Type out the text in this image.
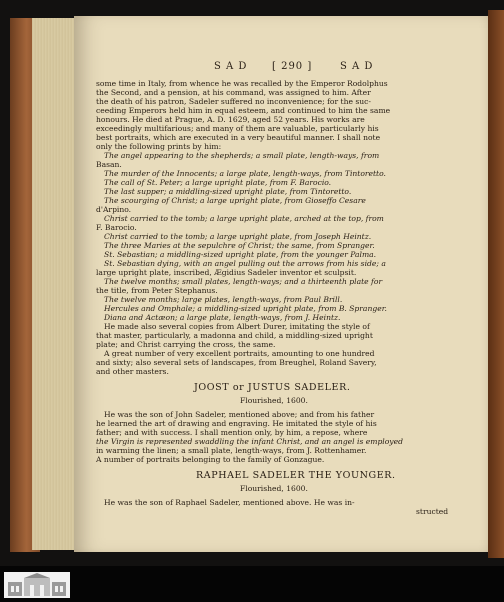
S A D [ 290 ]	S A D
some time in Italy, from whence he was recalled by the Emperor Rodolphus
the Second, and a pension, at his command, was assigned to him. After
the death of his patron, Sadeler suffered no inconvenience; for the suc-
ceeding Emperors held him in equal esteem, and continued to him the same
honours. He died at Prague, A. D. 1629, aged 52 years. His works are
exceedingly multifarious; and many of them are valuable, particularly his
best portraits, which are executed in a very beautiful manner. I shall note
only the following prints by him:
The angel appearing to the shepherds; a small plate, length-ways, from
Basan.
The murder of the Innocents; a large plate, length-ways, from Tintoretto.
The call of St. Peter; a large upright plate, from F. Barocio.
The last supper; a middling-sized upright plate, from Tintoretto.
The scourging of Christ; a large upright plate, from Gioseffo Cesare
d'Arpino.
Christ carried to the tomb; a large upright plate, arched at the top, from
F. Barocio.
Christ carried to the tomb; a large upright plate, from Joseph Heintz.
The three Maries at the sepulchre of Christ; the same, from Spranger.
St. Sebastian; a middling-sized upright plate, from the younger Palma.
St. Sebastian dying, with an angel pulling out the arrows from his side; a
large upright plate, inscribed, Ægidius Sadeler inventor et sculpsit.
The twelve months; small plates, length-ways; and a thirteenth plate for
the title, from Peter Stephanus.
The twelve months; large plates, length-ways, from Paul Brill.
Hercules and Omphale; a middling-sized upright plate, from B. Spranger.
Diana and Actæon; a large plate, length-ways, from J. Heintz.
He made also several copies from Albert Durer, imitating the style of
that master, particularly, a madonna and child, a middling-sized upright
plate; and Christ carrying the cross, the same.
A great number of very excellent portraits, amounting to one hundred
and sixty; also several sets of landscapes, from Breughel, Roland Savery,
and other masters.
JOOST or JUSTUS SADELER.
Flourished, 1600.
He was the son of John Sadeler, mentioned above; and from his father
he learned the art of drawing and engraving. He imitated the style of his
father; and with success. I shall mention only, by him, a repose, where
the Virgin is represented swaddling the infant Christ, and an angel is employed
in warming the linen; a small plate, length-ways, from J. Rottenhamer.
A number of portraits belonging to the family of Gonzague.
RAPHAEL SADELER THE YOUNGER.
Flourished, 1600.
He was the son of Raphael Sadeler, mentioned above. He was in-
structed
